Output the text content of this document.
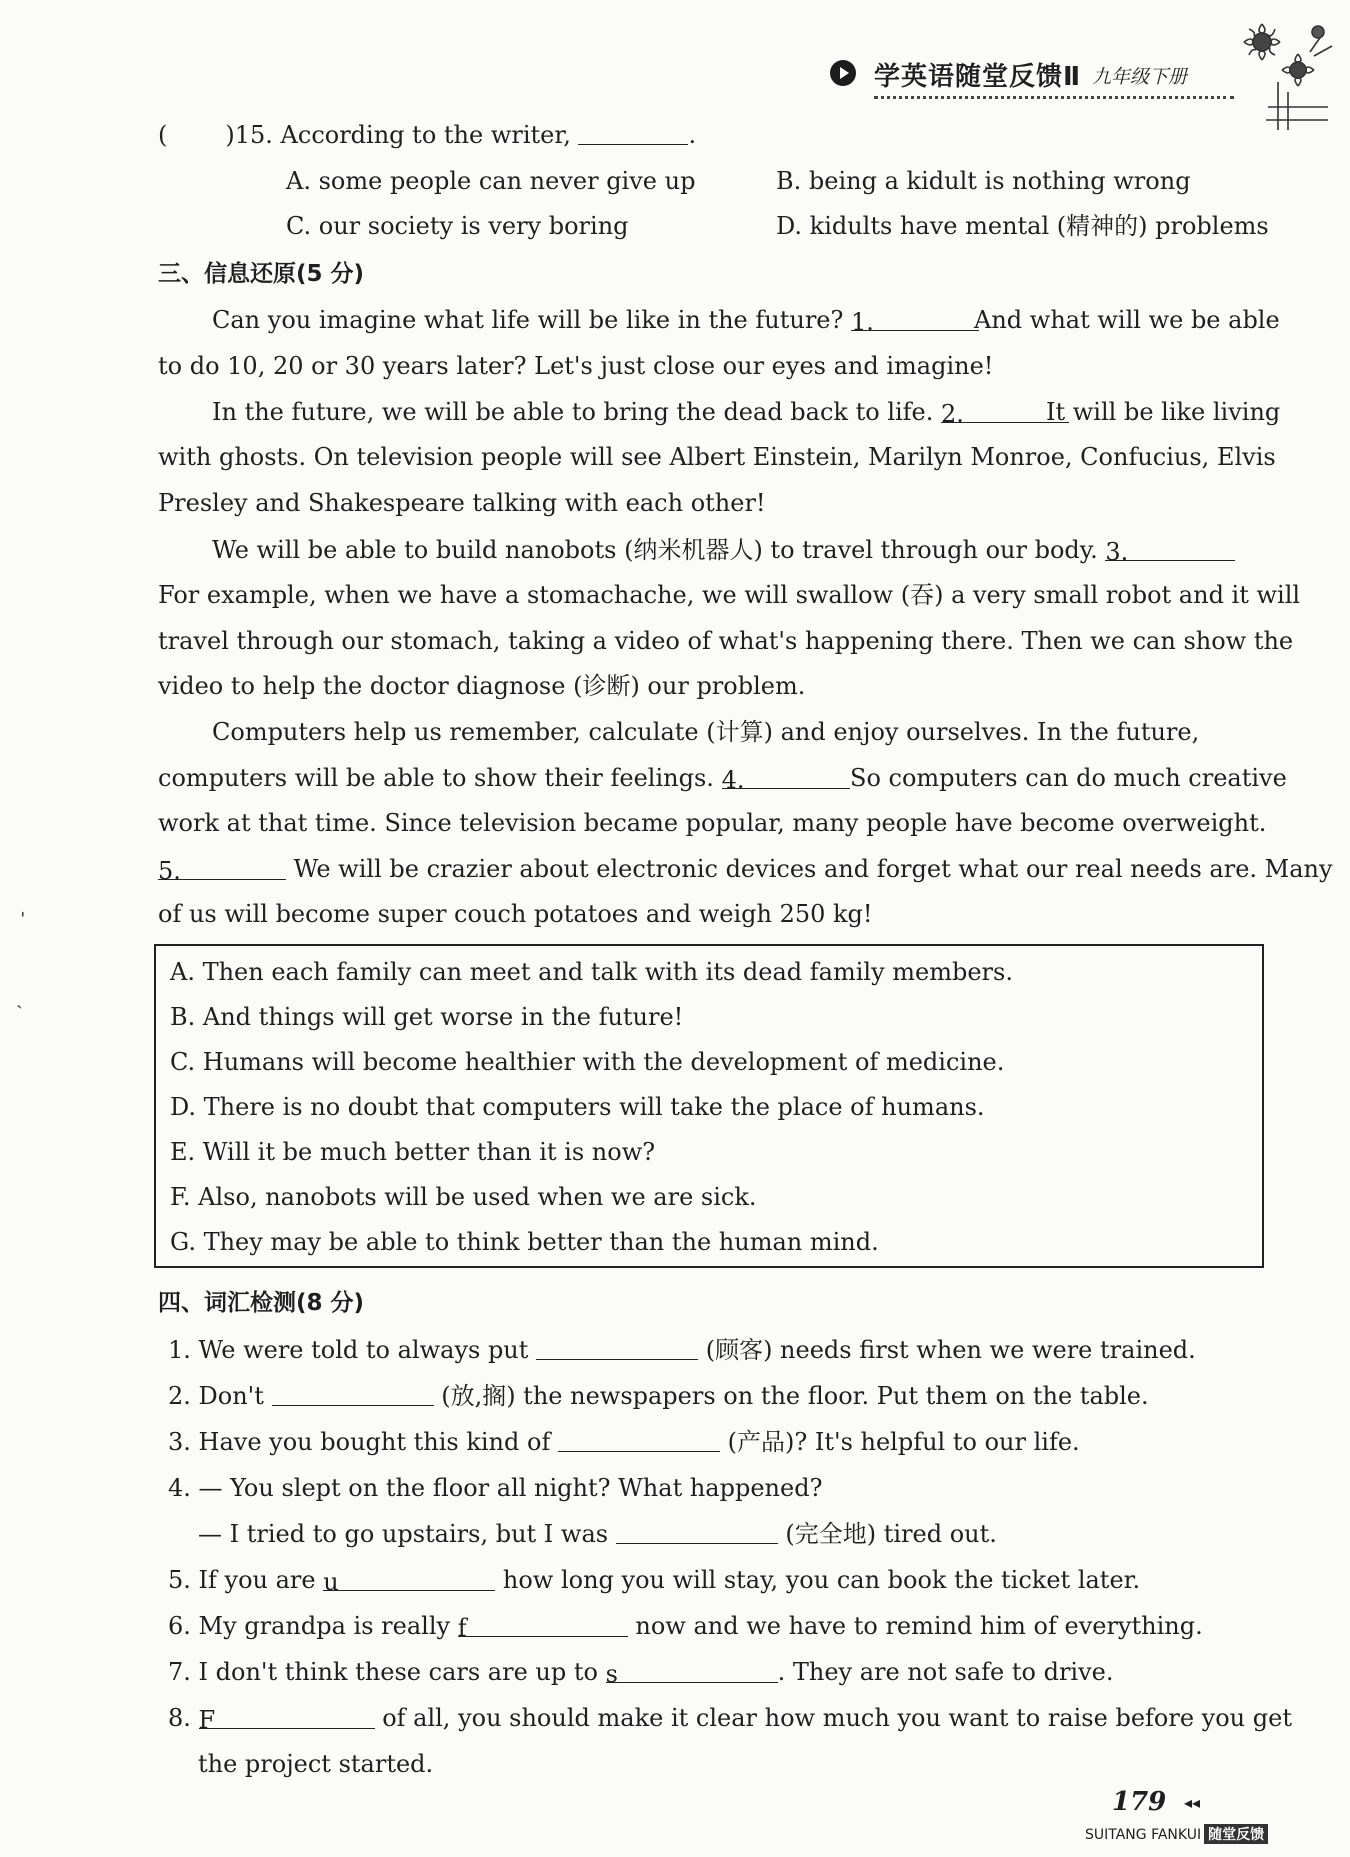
学英语随堂反馈Ⅱ 九年级下册
( )15. According to the writer,	.
A. some people can never give up	B. being a kidult is nothing wrong
C. our society is very boring	D. kidults have mental (精神的) problems
三、信息还原(5 分)
Can you imagine what life will be like in the future? 1.	And what will we be able
to do 10, 20 or 30 years later? Let's just close our eyes and imagine!
In the future, we will be able to bring the dead back to life. 2.	It will be like living
with ghosts. On television people will see Albert Einstein, Marilyn Monroe, Confucius, Elvis
Presley and Shakespeare talking with each other!
We will be able to build nanobots (纳米机器人) to travel through our body. 3.
For example, when we have a stomachache, we will swallow (吞) a very small robot and it will
travel through our stomach, taking a video of what's happening there. Then we can show the
video to help the doctor diagnose (诊断) our problem.
Computers help us remember, calculate (计算) and enjoy ourselves. In the future,
computers will be able to show their feelings. 4.	So computers can do much creative
work at that time. Since television became popular, many people have become overweight.
5.	We will be crazier about electronic devices and forget what our real needs are. Many
of us will become super couch potatoes and weigh 250 kg!
A. Then each family can meet and talk with its dead family members.
B. And things will get worse in the future!
C. Humans will become healthier with the development of medicine.
D. There is no doubt that computers will take the place of humans.
E. Will it be much better than it is now?
F. Also, nanobots will be used when we are sick.
G. They may be able to think better than the human mind.
四、词汇检测(8 分)
1. We were told to always put	(顾客) needs first when we were trained.
2. Don't	(放,搁) the newspapers on the floor. Put them on the table.
3. Have you bought this kind of	(产品)? It's helpful to our life.
4. — You slept on the floor all night? What happened?
— I tried to go upstairs, but I was	(完全地) tired out.
5. If you are u	how long you will stay, you can book the ticket later.
6. My grandpa is really f	now and we have to remind him of everything.
7. I don't think these cars are up to s	. They are not safe to drive.
8. F	of all, you should make it clear how much you want to raise before you get
the project started.
ˈ
ˎ
179 ◂◂
SUITANG FANKUI 随堂反馈
